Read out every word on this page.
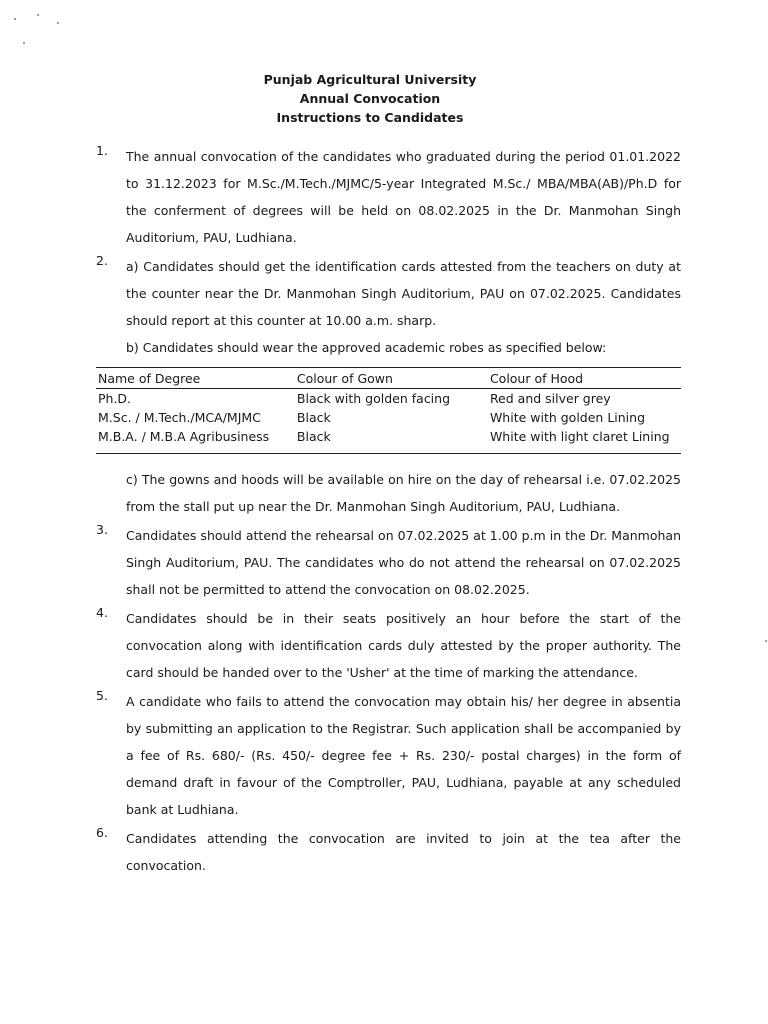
Punjab Agricultural University
Annual Convocation
Instructions to Candidates
1.	The annual convocation of the candidates who graduated during the period 01.01.2022 to 31.12.2023 for M.Sc./M.Tech./MJMC/5-year Integrated M.Sc./ MBA/MBA(AB)/Ph.D for the conferment of degrees will be held on 08.02.2025 in the Dr. Manmohan Singh Auditorium, PAU, Ludhiana.
2.	a) Candidates should get the identification cards attested from the teachers on duty at the counter near the Dr. Manmohan Singh Auditorium, PAU on 07.02.2025. Candidates should report at this counter at 10.00 a.m. sharp.
b) Candidates should wear the approved academic robes as specified below:
Name of Degree	Colour of Gown	Colour of Hood
Ph.D.	Black with golden facing	Red and silver grey
M.Sc. / M.Tech./MCA/MJMC	Black	White with golden Lining
M.B.A. / M.B.A Agribusiness	Black	White with light claret Lining
c) The gowns and hoods will be available on hire on the day of rehearsal i.e. 07.02.2025 from the stall put up near the Dr. Manmohan Singh Auditorium, PAU, Ludhiana.
3.	Candidates should attend the rehearsal on 07.02.2025 at 1.00 p.m in the Dr. Manmohan Singh Auditorium, PAU. The candidates who do not attend the rehearsal on 07.02.2025 shall not be permitted to attend the convocation on 08.02.2025.
4.	Candidates should be in their seats positively an hour before the start of the convocation along with identification cards duly attested by the proper authority. The card should be handed over to the 'Usher' at the time of marking the attendance.
5.	A candidate who fails to attend the convocation may obtain his/ her degree in absentia by submitting an application to the Registrar. Such application shall be accompanied by a fee of Rs. 680/- (Rs. 450/- degree fee + Rs. 230/- postal charges) in the form of demand draft in favour of the Comptroller, PAU, Ludhiana, payable at any scheduled bank at Ludhiana.
6.	Candidates attending the convocation are invited to join at the tea after the convocation.
